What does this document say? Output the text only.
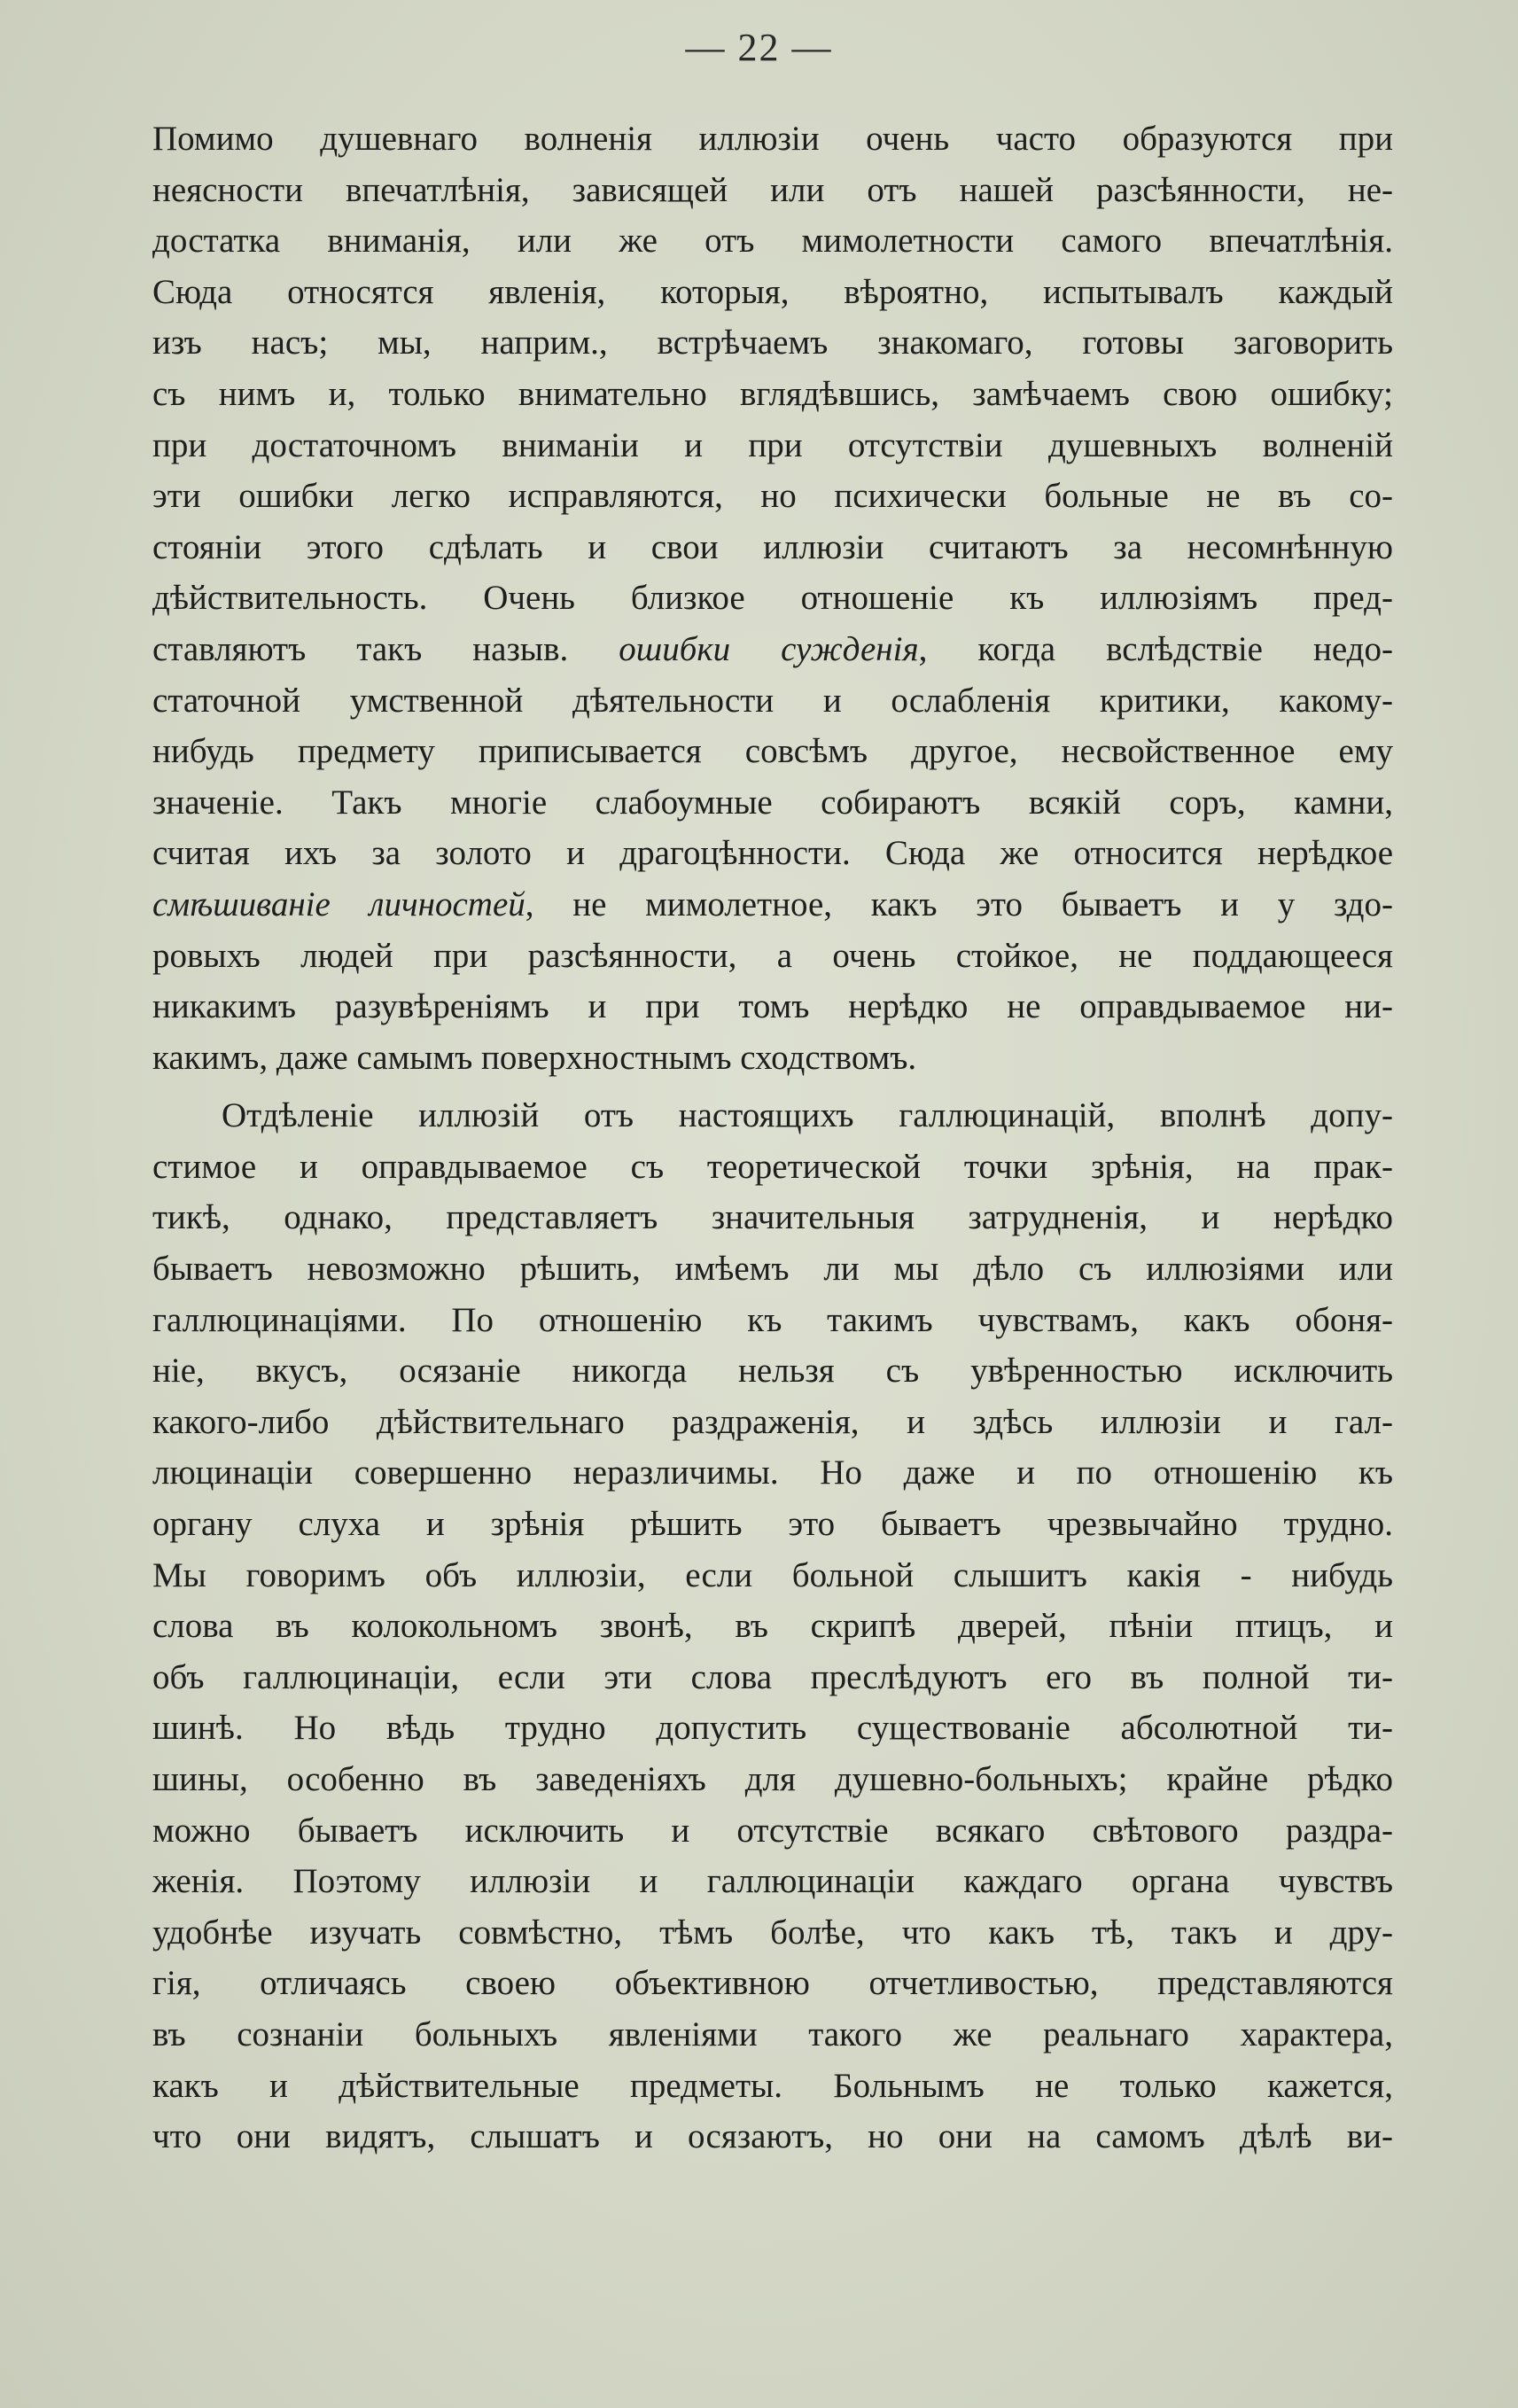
— 22 —
Помимо душевнаго волненія иллюзіи очень часто образуются при
неясности впечатлѣнія, зависящей или отъ нашей разсѣянности, не-
достатка вниманія, или же отъ мимолетности самого впечатлѣнія.
Сюда относятся явленія, которыя, вѣроятно, испытывалъ каждый
изъ насъ; мы, наприм., встрѣчаемъ знакомаго, готовы заговорить
съ нимъ и, только внимательно вглядѣвшись, замѣчаемъ свою ошибку;
при достаточномъ вниманіи и при отсутствіи душевныхъ волненій
эти ошибки легко исправляются, но психически больные не въ со-
стояніи этого сдѣлать и свои иллюзіи считаютъ за несомнѣнную
дѣйствительность. Очень близкое отношеніе къ иллюзіямъ пред-
ставляютъ такъ назыв. ошибки сужденія, когда вслѣдствіе недо-
статочной умственной дѣятельности и ослабленія критики, какому-
нибудь предмету приписывается совсѣмъ другое, несвойственное ему
значеніе. Такъ многіе слабоумные собираютъ всякій соръ, камни,
считая ихъ за золото и драгоцѣнности. Сюда же относится нерѣдкое
смѣшиваніе личностей, не мимолетное, какъ это бываетъ и у здо-
ровыхъ людей при разсѣянности, а очень стойкое, не поддающееся
никакимъ разувѣреніямъ и при томъ нерѣдко не оправдываемое ни-
какимъ, даже самымъ поверхностнымъ сходствомъ.
Отдѣленіе иллюзій отъ настоящихъ галлюцинацій, вполнѣ допу-
стимое и оправдываемое съ теоретической точки зрѣнія, на прак-
тикѣ, однако, представляетъ значительныя затрудненія, и нерѣдко
бываетъ невозможно рѣшить, имѣемъ ли мы дѣло съ иллюзіями или
галлюцинаціями. По отношенію къ такимъ чувствамъ, какъ обоня-
ніе, вкусъ, осязаніе никогда нельзя съ увѣренностью исключить
какого-либо дѣйствительнаго раздраженія, и здѣсь иллюзіи и гал-
люцинаціи совершенно неразличимы. Но даже и по отношенію къ
органу слуха и зрѣнія рѣшить это бываетъ чрезвычайно трудно.
Мы говоримъ объ иллюзіи, если больной слышитъ какія - нибудь
слова въ колокольномъ звонѣ, въ скрипѣ дверей, пѣніи птицъ, и
объ галлюцинаціи, если эти слова преслѣдуютъ его въ полной ти-
шинѣ. Но вѣдь трудно допустить существованіе абсолютной ти-
шины, особенно въ заведеніяхъ для душевно-больныхъ; крайне рѣдко
можно бываетъ исключить и отсутствіе всякаго свѣтового раздра-
женія. Поэтому иллюзіи и галлюцинаціи каждаго органа чувствъ
удобнѣе изучать совмѣстно, тѣмъ болѣе, что какъ тѣ, такъ и дру-
гія, отличаясь своею объективною отчетливостью, представляются
въ сознаніи больныхъ явленіями такого же реальнаго характера,
какъ и дѣйствительные предметы. Больнымъ не только кажется,
что они видятъ, слышатъ и осязаютъ, но они на самомъ дѣлѣ ви-
